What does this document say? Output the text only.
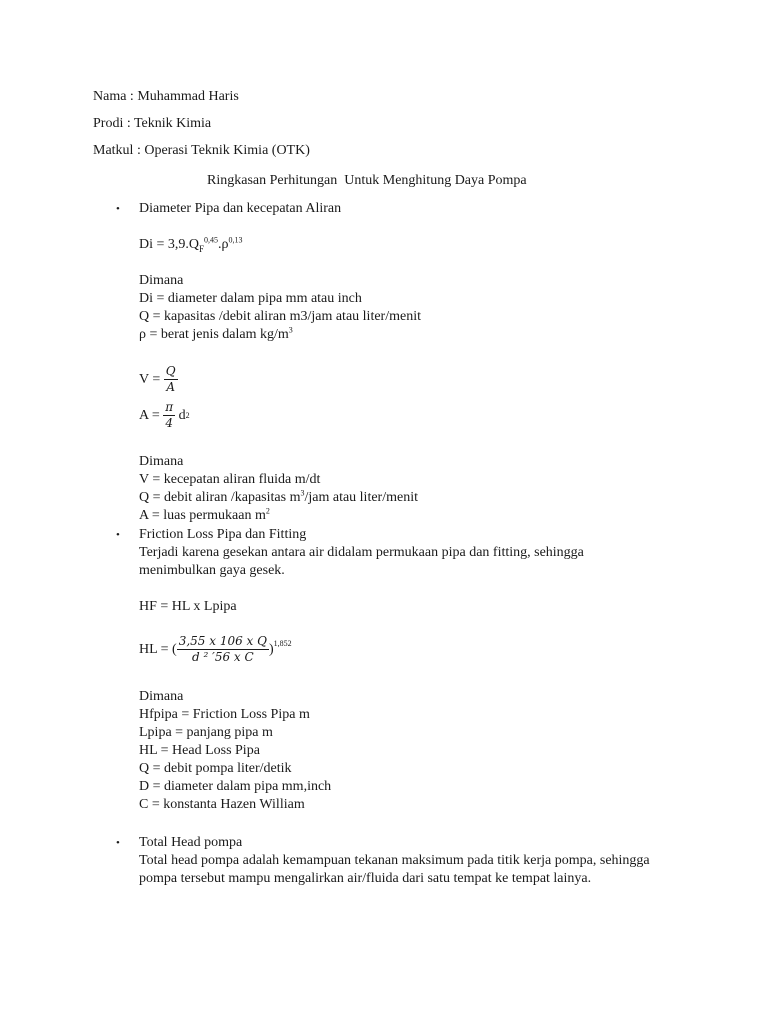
Nama : Muhammad Haris
Prodi : Teknik Kimia
Matkul : Operasi Teknik Kimia (OTK)
Ringkasan Perhitungan  Untuk Menghitung Daya Pompa
• Diameter Pipa dan kecepatan Aliran
$Di = 3,9.Q_F^{0,45}.\rho^{0,13}$
Dimana
Di = diameter dalam pipa mm atau inch
Q = kapasitas /debit aliran m3/jam atau liter/menit
ρ = berat jenis dalam $kg/m^3$
V =
$\frac{Q}{A}$
A =
$\frac{\pi}{4}$
d 2
Dimana
V = kecepatan aliran fluida m/dt
Q = debit aliran /kapasitas $m^3$/jam atau liter/menit
A = luas permukaan $m^2$
• Friction Loss Pipa dan Fitting
Terjadi karena gesekan antara air didalam permukaan pipa dan fitting, sehingga menimbulkan gaya gesek.
HF = HL x Lpipa
HL = ( $\frac{\text{3,55 x 106 x Q}}{\text{d ² ′56 x C}} )^{1,852}$
Dimana
Hfpipa = Friction Loss Pipa m
Lpipa = panjang pipa m
HL = Head Loss Pipa
Q = debit pompa liter/detik
D = diameter dalam pipa mm,inch
C = konstanta Hazen William
• Total Head pompa
Total head pompa adalah kemampuan tekanan maksimum pada titik kerja pompa, sehingga pompa tersebut mampu mengalirkan air/fluida dari satu tempat ke tempat lainya.
